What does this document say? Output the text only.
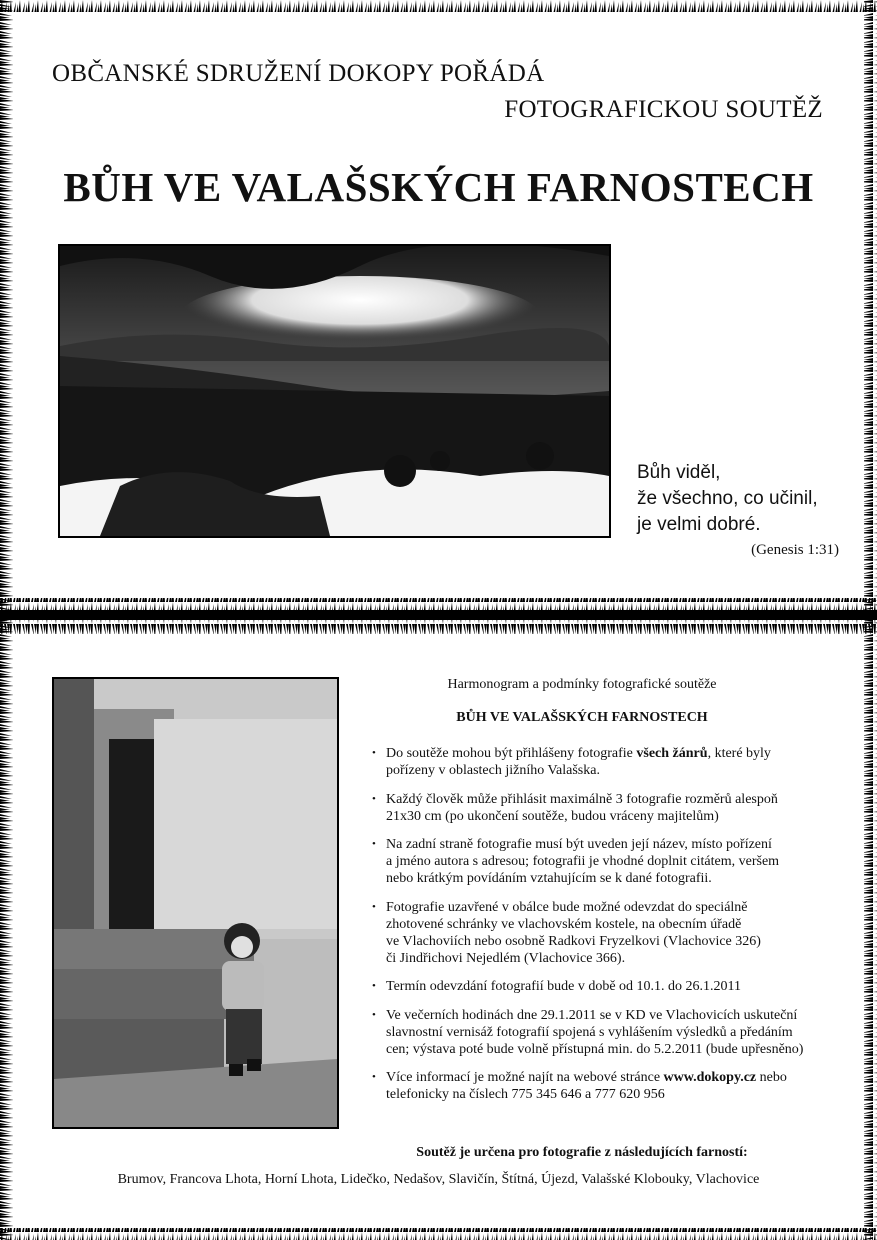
OBČANSKÉ SDRUŽENÍ DOKOPY POŘÁDÁ
FOTOGRAFICKOU SOUTĚŽ
BŮH VE VALAŠSKÝCH FARNOSTECH
Bůh viděl,
že všechno, co učinil,
je velmi dobré.
(Genesis 1:31)
Harmonogram a podmínky fotografické soutěže
BŮH VE VALAŠSKÝCH FARNOSTECH
• Do soutěže mohou být přihlášeny fotografie všech žánrů, které byly
pořízeny v oblastech jižního Valašska.
• Každý člověk může přihlásit maximálně 3 fotografie rozměrů alespoň
21x30 cm (po ukončení soutěže, budou vráceny majitelům)
• Na zadní straně fotografie musí být uveden její název, místo pořízení
a jméno autora s adresou; fotografii je vhodné doplnit citátem, veršem
nebo krátkým povídáním vztahujícím se k dané fotografii.
• Fotografie uzavřené v obálce bude možné odevzdat do speciálně
zhotovené schránky ve vlachovském kostele, na obecním úřadě
ve Vlachoviích nebo osobně Radkovi Fryzelkovi (Vlachovice 326)
či Jindřichovi Nejedlém (Vlachovice 366).
• Termín odevzdání fotografií bude v době od 10.1. do 26.1.2011
• Ve večerních hodinách dne 29.1.2011 se v KD ve Vlachovicích uskuteční
slavnostní vernisáž fotografií spojená s vyhlášením výsledků a předáním
cen; výstava poté bude volně přístupná min. do 5.2.2011 (bude upřesněno)
• Více informací je možné najít na webové stránce www.dokopy.cz nebo
telefonicky na číslech 775 345 646 a 777 620 956
Soutěž je určena pro fotografie z následujících farností:
Brumov, Francova Lhota, Horní Lhota, Lidečko, Nedašov, Slavičín, Štítná, Újezd, Valašské Klobouky, Vlachovice
